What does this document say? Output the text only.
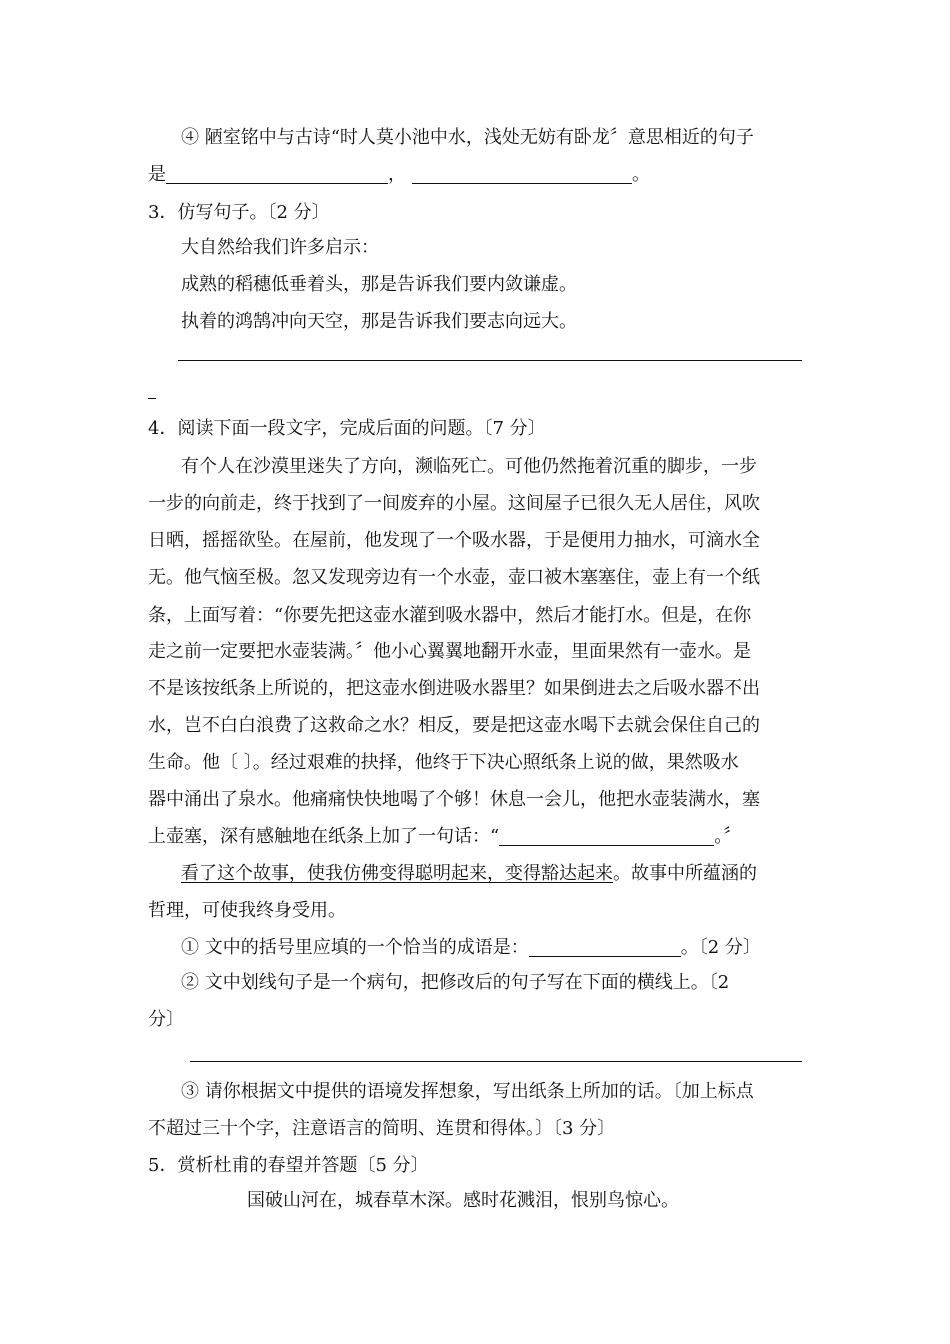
④ 陋室铭中与古诗“时人莫小池中水，浅处无妨有卧龙〞意思相近的句子
是	，	。
3．仿写句子。〔2 分〕
大自然给我们许多启示：
成熟的稻穗低垂着头，那是告诉我们要内敛谦虚。
执着的鸿鹄冲向天空，那是告诉我们要志向远大。
4．阅读下面一段文字，完成后面的问题。〔7 分〕
有个人在沙漠里迷失了方向，濒临死亡。可他仍然拖着沉重的脚步，一步
一步的向前走，终于找到了一间废弃的小屋。这间屋子已很久无人居住，风吹
日晒，摇摇欲坠。在屋前，他发现了一个吸水器，于是便用力抽水，可滴水全
无。他气恼至极。忽又发现旁边有一个水壶，壶口被木塞塞住，壶上有一个纸
条，上面写着：“你要先把这壶水灌到吸水器中，然后才能打水。但是，在你
走之前一定要把水壶装满。〞他小心翼翼地翻开水壶，里面果然有一壶水。是
不是该按纸条上所说的，把这壶水倒进吸水器里？如果倒进去之后吸水器不出
水，岂不白白浪费了这救命之水？相反，要是把这壶水喝下去就会保住自己的
生命。他〔 〕。经过艰难的抉择，他终于下决心照纸条上说的做，果然吸水
器中涌出了泉水。他痛痛快快地喝了个够！休息一会儿，他把水壶装满水，塞
上壶塞，深有感触地在纸条上加了一句话：“	。〞
看了这个故事，使我仿佛变得聪明起来，变得豁达起来。故事中所蕴涵的
哲理，可使我终身受用。
① 文中的括号里应填的一个恰当的成语是：	。〔2 分〕
② 文中划线句子是一个病句，把修改后的句子写在下面的横线上。〔2
分〕
③ 请你根据文中提供的语境发挥想象，写出纸条上所加的话。〔加上标点
不超过三十个字，注意语言的简明、连贯和得体。〕〔3 分〕
5．赏析杜甫的春望并答题〔5 分〕
国破山河在，城春草木深。感时花溅泪，恨别鸟惊心。
